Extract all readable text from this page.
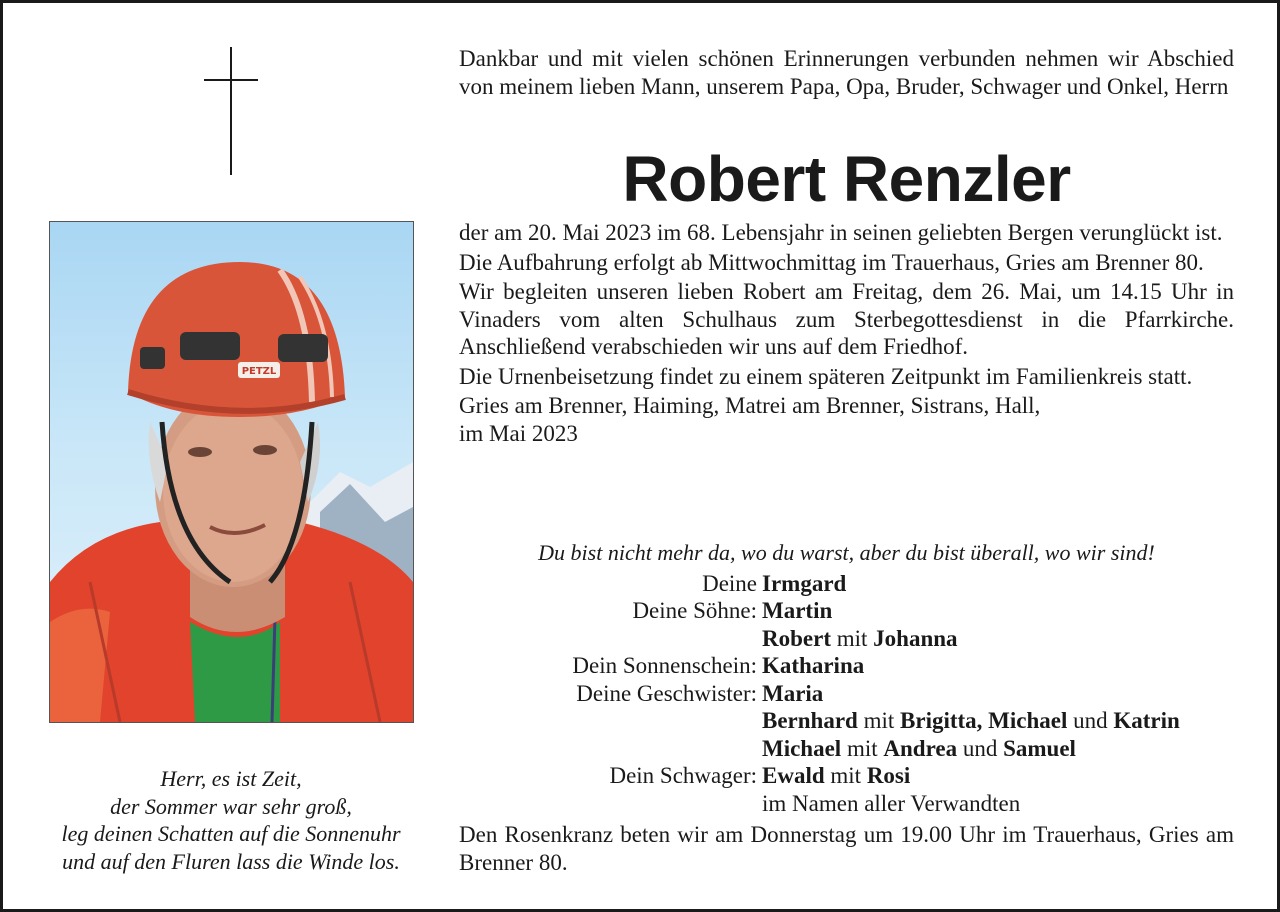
PETZL
Herr, es ist Zeit,
der Sommer war sehr groß,
leg deinen Schatten auf die Sonnenuhr
und auf den Fluren lass die Winde los.
Dankbar und mit vielen schönen Erinnerungen verbunden nehmen wir Abschied von meinem lieben Mann, unserem Papa, Opa, Bruder, Schwager und Onkel, Herrn
Robert Renzler

der am 20. Mai 2023 im 68. Lebensjahr in seinen geliebten Bergen verunglückt ist.

Die Aufbahrung erfolgt ab Mittwochmittag im Trauerhaus, Gries am Brenner 80.

Wir begleiten unseren lieben Robert am Freitag, dem 26. Mai, um 14.15 Uhr in Vinaders vom alten Schulhaus zum Sterbegottesdienst in die Pfarrkirche. Anschließend verabschieden wir uns auf dem Friedhof.

Die Urnenbeisetzung findet zu einem späteren Zeitpunkt im Familienkreis statt.

Gries am Brenner, Haiming, Matrei am Brenner, Sistrans, Hall,
im Mai 2023

Du bist nicht mehr da, wo du warst, aber du bist überall, wo wir sind!
Deine Irmgard
Deine Söhne: Martin
Robert mit Johanna
Dein Sonnenschein: Katharina
Deine Geschwister: Maria
Bernhard mit Brigitta, Michael und Katrin
Michael mit Andrea und Samuel
Dein Schwager: Ewald mit Rosi
im Namen aller Verwandten
Den Rosenkranz beten wir am Donnerstag um 19.00 Uhr im Trauerhaus, Gries am Brenner 80.
